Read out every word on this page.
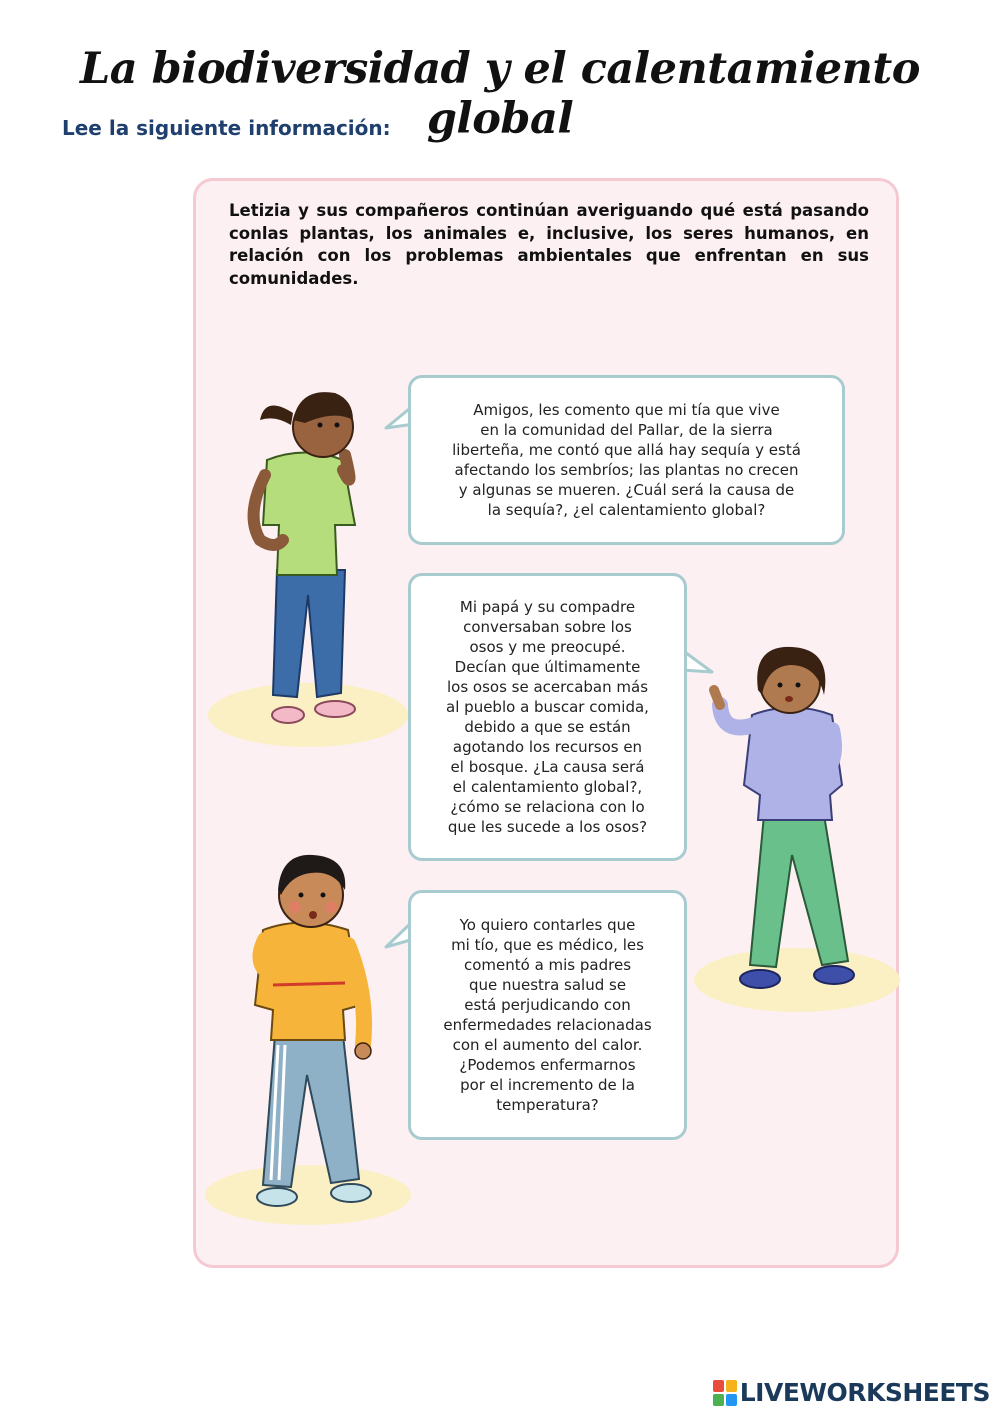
La biodiversidad y el calentamiento global
Lee la siguiente información:
Letizia y sus compañeros continúan averiguando qué está pasando conlas plantas, los animales e, inclusive, los seres humanos, en relación con los problemas ambientales que enfrentan en sus comunidades.
Amigos, les comento que mi tía que vive
en la comunidad del Pallar, de la sierra
liberteña, me contó que allá hay sequía y está
afectando los sembríos; las plantas no crecen
y algunas se mueren. ¿Cuál será la causa de
la sequía?, ¿el calentamiento global?
Mi papá y su compadre
conversaban sobre los
osos y me preocupé.
Decían que últimamente
los osos se acercaban más
al pueblo a buscar comida,
debido a que se están
agotando los recursos en
el bosque. ¿La causa será
el calentamiento global?,
¿cómo se relaciona con lo
que les sucede a los osos?
Yo quiero contarles que
mi tío, que es médico, les
comentó a mis padres
que nuestra salud se
está perjudicando con
enfermedades relacionadas
con el aumento del calor.
¿Podemos enfermarnos
por el incremento de la
temperatura?
LIVEWORKSHEETS
